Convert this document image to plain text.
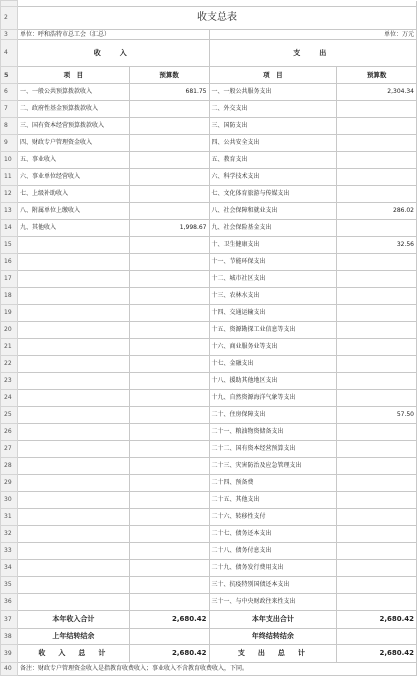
2	收支总表			
3	单位：呼和浩特市总工会（汇总）		单位：万元	
4	收　入		支　出	
5	项　目	预算数	项　目	预算数
6	一、一般公共预算拨款收入	681.75	一、一般公共服务支出	2,304.34
7	二、政府性基金预算拨款收入		二、外交支出	
8	三、国有资本经营预算拨款收入		三、国防支出	
9	四、财政专户管理资金收入		四、公共安全支出	
10	五、事业收入		五、教育支出	
11	六、事业单位经营收入		六、科学技术支出	
12	七、上级补助收入		七、文化体育旅游与传媒支出	
13	八、附属单位上缴收入		八、社会保障和就业支出	286.02
14	九、其他收入	1,998.67	九、社会保险基金支出	
15			十、卫生健康支出	32.56
16			十一、节能环保支出	
17			十二、城市社区支出	
18			十三、农林水支出	
19			十四、交通运输支出	
20			十五、资源勘探工业信息等支出	
21			十六、商业服务业等支出	
22			十七、金融支出	
23			十八、援助其他地区支出	
24			十九、自然资源海洋气象等支出	
25			二十、住房保障支出	57.50
26			二十一、粮油物资储备支出	
27			二十二、国有资本经营预算支出	
28			二十三、灾害防治及应急管理支出	
29			二十四、预备费	
30			二十五、其他支出	
31			二十六、转移性支付	
32			二十七、债务还本支出	
33			二十八、债务付息支出	
34			二十九、债务发行费用支出	
35			三十、抗疫特别国债还本支出	
36			三十一、与中央财政往来性支出	
37	本年收入合计	2,680.42	本年支出合计	2,680.42
38	上年结转结余		年终结转结余	
39	收　入　总　计	2,680.42	支　出　总　计	2,680.42
40	备注：财政专户管理资金收入是指教育收费收入；事业收入不含教育收费收入，下同。			
